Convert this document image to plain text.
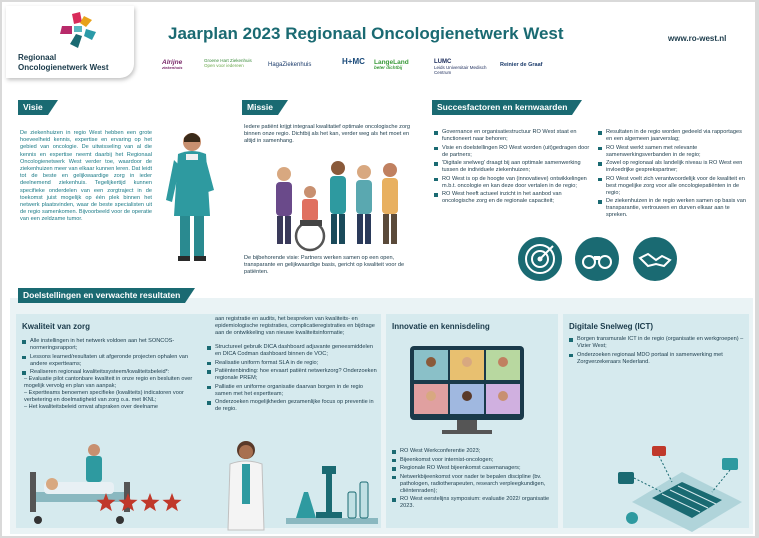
Regionaal
Oncologienetwerk West
Jaarplan 2023 Regionaal Oncologienetwerk West	www.ro-west.nl
Alrijne
ziekenhuis
Groene Hart Ziekenhuis
Open voor iedereen	HagaZiekenhuis	H+MC LangeLand
beter dichtbij
LUMC
Leids Universitair Medisch Centrum
Reinier de Graaf
Visie
De ziekenhuizen in regio West hebben een grote hoeveelheid kennis, expertise en ervaring op het gebied van oncologie. De uitwisseling van al die kennis en expertise neemt daarbij het Regionaal Oncologienetwerk West verder toe, waardoor de ziekenhuizen meer van elkaar kunnen leren. Dat leidt tot de beste en gelijkwaardige zorg in ieder deelnemend ziekenhuis. Tegelijkertijd kunnen specifieke onderdelen van een zorgtraject in de toekomst juist mogelijk op één plek binnen het netwerk plaatsvinden, waar de beste specialisten uit de regio samenkomen. Bijvoorbeeld voor de operatie van een zeldzame tumor.
Missie
Iedere patiënt krijgt integraal kwalitatief optimale oncologische zorg binnen onze regio. Dichtbij als het kan, verder weg als het moet en altijd in samenhang.
De bijbehorende visie: Partners werken samen op een open, transparante en gelijkwaardige basis, gericht op kwaliteit voor de patiënten.
Succesfactoren en kernwaarden
Governance en organisatiestructuur RO West staat en functioneert naar behoren;
Visie en doelstellingen RO West worden (uit)gedragen door de partners;
'Digitale snelweg' draagt bij aan optimale samenwerking tussen de individuele ziekenhuizen;
RO West is op de hoogte van (innovatieve) ontwikkelingen m.b.t. oncologie en kan deze door vertalen in de regio;
RO West heeft actueel inzicht in het aanbod van oncologische zorg en de regionale capaciteit;
Resultaten in de regio worden gedeeld via rapportages en een algemeen jaarverslag;
RO West werkt samen met relevante samenwerkingsverbanden in de regio;
Zowel op regionaal als landelijk niveau is RO West een invloedrijke gesprekspartner;
RO West voelt zich verantwoordelijk voor de kwaliteit en best mogelijke zorg voor alle oncologiepatiënten in de regio;
De ziekenhuizen in de regio werken samen op basis van transparantie, vertrouwen en durven elkaar aan te spreken.
Doelstellingen en verwachte resultaten
Kwaliteit van zorg
Alle instellingen in het netwerk voldoen aan het SONCOS-normeringsrapport;
Lessons learned/resultaten uit afgeronde projecten ophalen van andere expertteams;
Realiseren regionaal kwaliteitssysteem/kwaliteitsbeleid*:
– Evaluatie pilot cantonbare kwaliteit in onze regio en besluiten over mogelijk vervolg en plan van aanpak;
– Expertteams benoemen specifieke (kwaliteits) indicatoren voor verbetering en doelmatigheid van zorg o.a. met IKNL;
– Het kwaliteitsbeleid omvat afspraken over deelname
aan registratie en audits, het bespreken van kwaliteits- en epidemiologische registraties, complicatieregistraties en bijdrage aan de ontwikkeling van nieuwe kwaliteitsinformatie;
Structureel gebruik DICA dashboard adjuvante geneesmiddelen en DICA Codman dashboard binnen de VOC;
Realisatie uniform format SLA in de regio;
Patiëntenbinding: hoe ervaart patiënt netwerkzorg? Onderzoeken regionale PREM;
Palliatie en uniforme organisatie daarvan borgen in de regio samen met het expertteam;
Onderzoeken mogelijkheden gezamenlijke focus op preventie in de regio.
Innovatie en kennisdeling
RO West Werkconferentie 2023;
Bijeenkomst voor internist-oncologen;
Regionale RO West bijeenkomst casemanagers;
Netwerkbijeenkomst voor nader te bepalen discipline (bv. pathologen, radiotherapeuten, research verpleegkundigen, cliëntenraden);
RO West eerstelijns symposium: evaluatie 2022/ organisatie 2023.
Digitale Snelweg (ICT)
Borgen transmurale ICT in de regio (organisatie en werkgroepen) – Vizier West;
Onderzoeken regionaal MDO portaal in samenwerking met Zorgverzekeraars Nederland.
